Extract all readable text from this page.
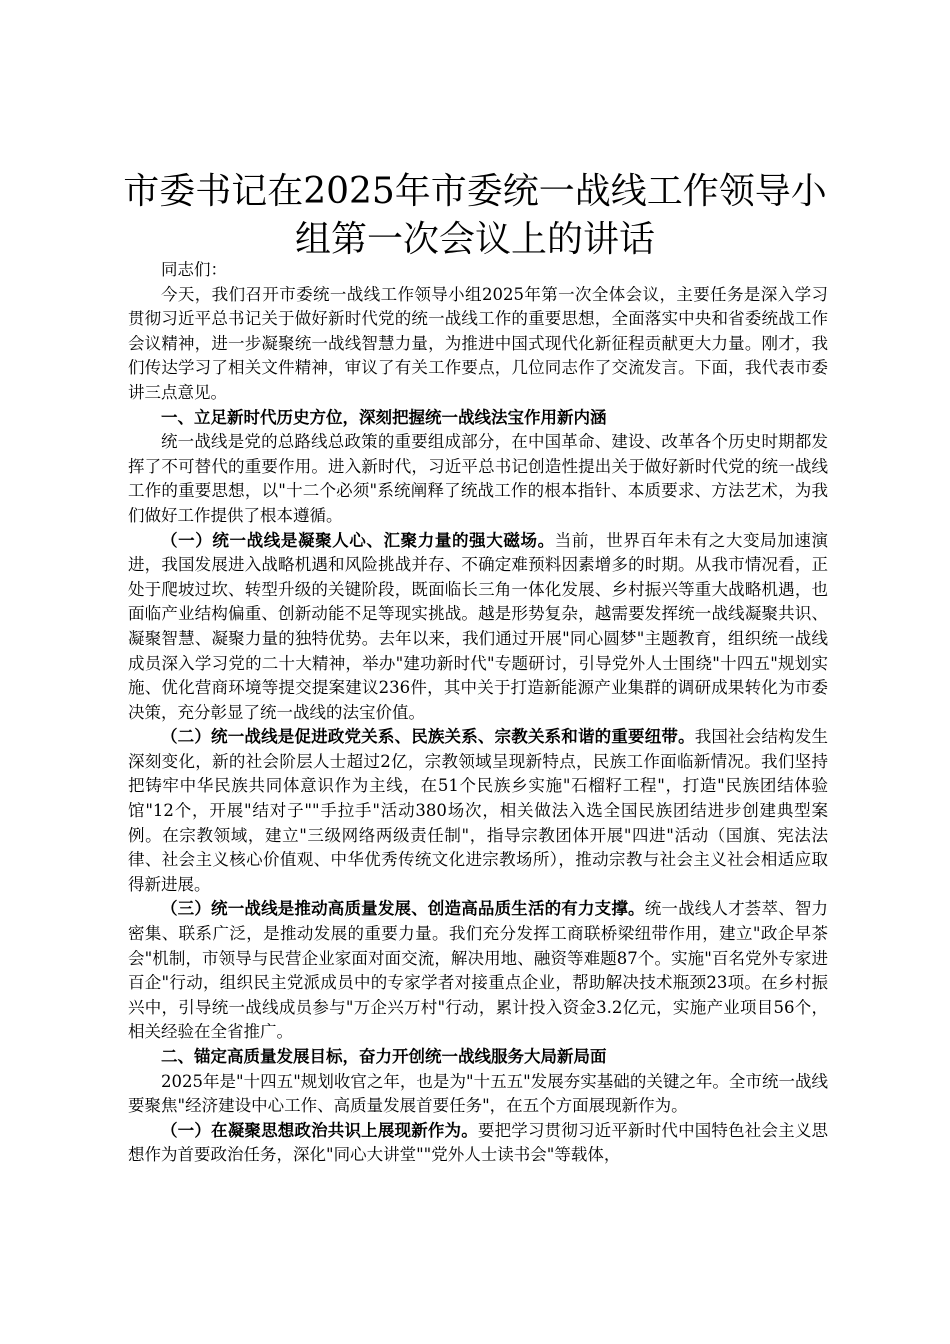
市委书记在2025年市委统一战线工作领导小组第一次会议上的讲话

同志们：

今天，我们召开市委统一战线工作领导小组2025年第一次全体会议，主要任务是深入学习贯彻习近平总书记关于做好新时代党的统一战线工作的重要思想，全面落实中央和省委统战工作会议精神，进一步凝聚统一战线智慧力量，为推进中国式现代化新征程贡献更大力量。刚才，我们传达学习了相关文件精神，审议了有关工作要点，几位同志作了交流发言。下面，我代表市委讲三点意见。

一、立足新时代历史方位，深刻把握统一战线法宝作用新内涵

统一战线是党的总路线总政策的重要组成部分，在中国革命、建设、改革各个历史时期都发挥了不可替代的重要作用。进入新时代，习近平总书记创造性提出关于做好新时代党的统一战线工作的重要思想，以"十二个必须"系统阐释了统战工作的根本指针、本质要求、方法艺术，为我们做好工作提供了根本遵循。

（一）统一战线是凝聚人心、汇聚力量的强大磁场。当前，世界百年未有之大变局加速演进，我国发展进入战略机遇和风险挑战并存、不确定难预料因素增多的时期。从我市情况看，正处于爬坡过坎、转型升级的关键阶段，既面临长三角一体化发展、乡村振兴等重大战略机遇，也面临产业结构偏重、创新动能不足等现实挑战。越是形势复杂，越需要发挥统一战线凝聚共识、凝聚智慧、凝聚力量的独特优势。去年以来，我们通过开展"同心圆梦"主题教育，组织统一战线成员深入学习党的二十大精神，举办"建功新时代"专题研讨，引导党外人士围绕"十四五"规划实施、优化营商环境等提交提案建议236件，其中关于打造新能源产业集群的调研成果转化为市委决策，充分彰显了统一战线的法宝价值。

（二）统一战线是促进政党关系、民族关系、宗教关系和谐的重要纽带。我国社会结构发生深刻变化，新的社会阶层人士超过2亿，宗教领域呈现新特点，民族工作面临新情况。我们坚持把铸牢中华民族共同体意识作为主线，在51个民族乡实施"石榴籽工程"，打造"民族团结体验馆"12个，开展"结对子""手拉手"活动380场次，相关做法入选全国民族团结进步创建典型案例。在宗教领域，建立"三级网络两级责任制"，指导宗教团体开展"四进"活动（国旗、宪法法律、社会主义核心价值观、中华优秀传统文化进宗教场所），推动宗教与社会主义社会相适应取得新进展。

（三）统一战线是推动高质量发展、创造高品质生活的有力支撑。统一战线人才荟萃、智力密集、联系广泛，是推动发展的重要力量。我们充分发挥工商联桥梁纽带作用，建立"政企早茶会"机制，市领导与民营企业家面对面交流，解决用地、融资等难题87个。实施"百名党外专家进百企"行动，组织民主党派成员中的专家学者对接重点企业，帮助解决技术瓶颈23项。在乡村振兴中，引导统一战线成员参与"万企兴万村"行动，累计投入资金3.2亿元，实施产业项目56个，相关经验在全省推广。

二、锚定高质量发展目标，奋力开创统一战线服务大局新局面

2025年是"十四五"规划收官之年，也是为"十五五"发展夯实基础的关键之年。全市统一战线要聚焦"经济建设中心工作、高质量发展首要任务"，在五个方面展现新作为。

（一）在凝聚思想政治共识上展现新作为。要把学习贯彻习近平新时代中国特色社会主义思想作为首要政治任务，深化"同心大讲堂""党外人士读书会"等载体，
